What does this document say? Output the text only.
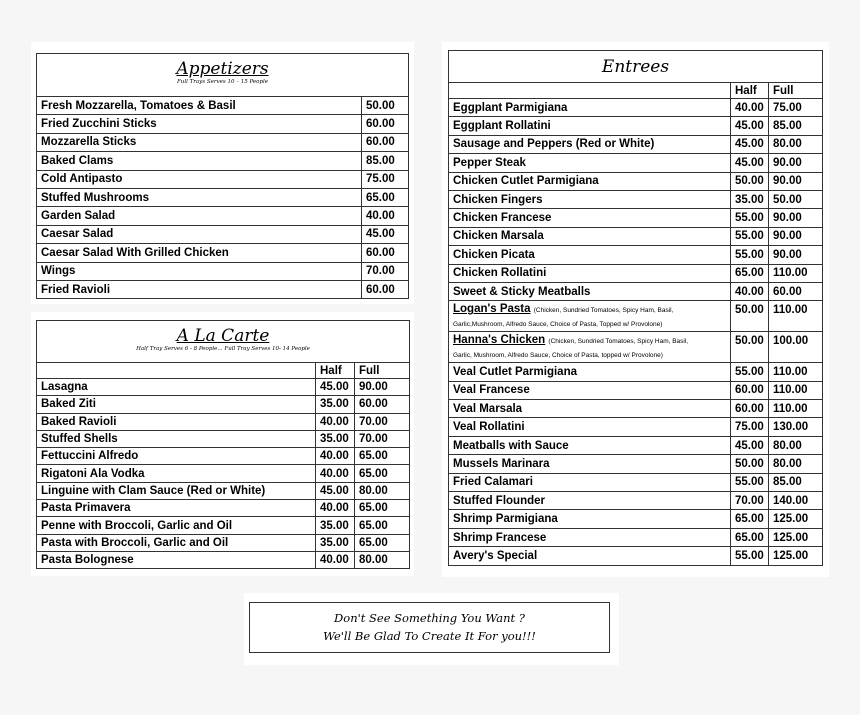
Appetizers
Full Trays Serves 10 – 15 People	

Fresh Mozzarella, Tomatoes & Basil	50.00
Fried Zucchini Sticks	60.00
Mozzarella Sticks	60.00
Baked Clams	85.00
Cold Antipasto	75.00
Stuffed Mushrooms	65.00
Garden Salad	40.00
Caesar Salad	45.00
Caesar Salad With Grilled Chicken	60.00
Wings	70.00
Fried Ravioli	60.00
A La Carte
Half Tray Serves 6 - 8 People... Full Tray Serves 10- 14 People		

	Half	Full
Lasagna	45.00	90.00
Baked Ziti	35.00	60.00
Baked Ravioli	40.00	70.00
Stuffed Shells	35.00	70.00
Fettuccini Alfredo	40.00	65.00
Rigatoni Ala Vodka	40.00	65.00
Linguine with Clam Sauce (Red or White)	45.00	80.00
Pasta Primavera	40.00	65.00
Penne with Broccoli, Garlic and Oil	35.00	65.00
Pasta with Broccoli, Garlic and Oil	35.00	65.00
Pasta Bolognese	40.00	80.00
Entrees		

	Half	Full
Eggplant Parmigiana	40.00	75.00
Eggplant Rollatini	45.00	85.00
Sausage and Peppers (Red or White)	45.00	80.00
Pepper Steak	45.00	90.00
Chicken Cutlet Parmigiana	50.00	90.00
Chicken Fingers	35.00	50.00
Chicken Francese	55.00	90.00
Chicken Marsala	55.00	90.00
Chicken Picata	55.00	90.00
Chicken Rollatini	65.00	110.00
Sweet & Sticky Meatballs	40.00	60.00
Logan's Pasta (Chicken, Sundried Tomatoes, Spicy Ham, Basil,
Garlic,Mushroom, Alfredo Sauce, Choice of Pasta, Topped w/ Provolone)	50.00	110.00
Hanna's Chicken (Chicken, Sundried Tomatoes, Spicy Ham, Basil,
Garlic, Mushroom, Alfredo Sauce, Choice of Pasta, topped w/ Provolone)	50.00	100.00
Veal Cutlet Parmigiana	55.00	110.00
Veal Francese	60.00	110.00
Veal Marsala	60.00	110.00
Veal Rollatini	75.00	130.00
Meatballs with Sauce	45.00	80.00
Mussels Marinara	50.00	80.00
Fried Calamari	55.00	85.00
Stuffed Flounder	70.00	140.00
Shrimp Parmigiana	65.00	125.00
Shrimp Francese	65.00	125.00
Avery's Special	55.00	125.00
Don't See Something You Want ?
We'll Be Glad To Create It For you!!!
